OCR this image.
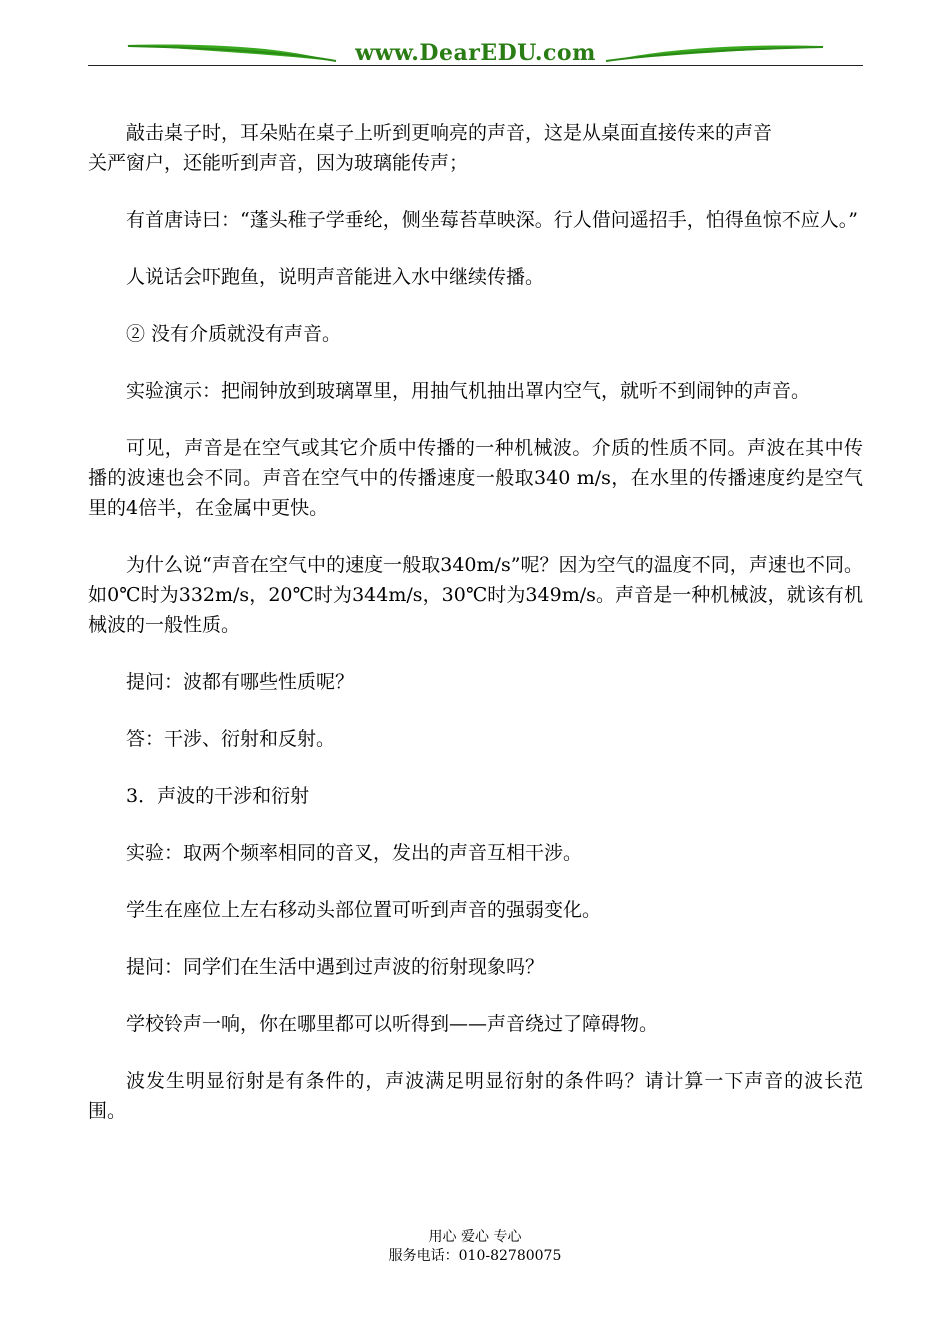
www.DearEDU.com

敲击桌子时，耳朵贴在桌子上听到更响亮的声音，这是从桌面直接传来的声音

关严窗户，还能听到声音，因为玻璃能传声；

有首唐诗曰：“蓬头稚子学垂纶，侧坐莓苔草映深。行人借问遥招手，怕得鱼惊不应人。”

人说话会吓跑鱼，说明声音能进入水中继续传播。

② 没有介质就没有声音。

实验演示：把闹钟放到玻璃罩里，用抽气机抽出罩内空气，就听不到闹钟的声音。

可见，声音是在空气或其它介质中传播的一种机械波。介质的性质不同。声波在其中传播的波速也会不同。声音在空气中的传播速度一般取340 m/s，在水里的传播速度约是空气里的4倍半，在金属中更快。

为什么说“声音在空气中的速度一般取340m/s”呢？因为空气的温度不同，声速也不同。如0℃时为332m/s，20℃时为344m/s，30℃时为349m/s。声音是一种机械波，就该有机械波的一般性质。

提问：波都有哪些性质呢？

答：干涉、衍射和反射。

3．声波的干涉和衍射

实验：取两个频率相同的音叉，发出的声音互相干涉。

学生在座位上左右移动头部位置可听到声音的强弱变化。

提问：同学们在生活中遇到过声波的衍射现象吗？

学校铃声一响，你在哪里都可以听得到——声音绕过了障碍物。

波发生明显衍射是有条件的，声波满足明显衍射的条件吗？请计算一下声音的波长范围。

用心 爱心 专心
服务电话：010-82780075
